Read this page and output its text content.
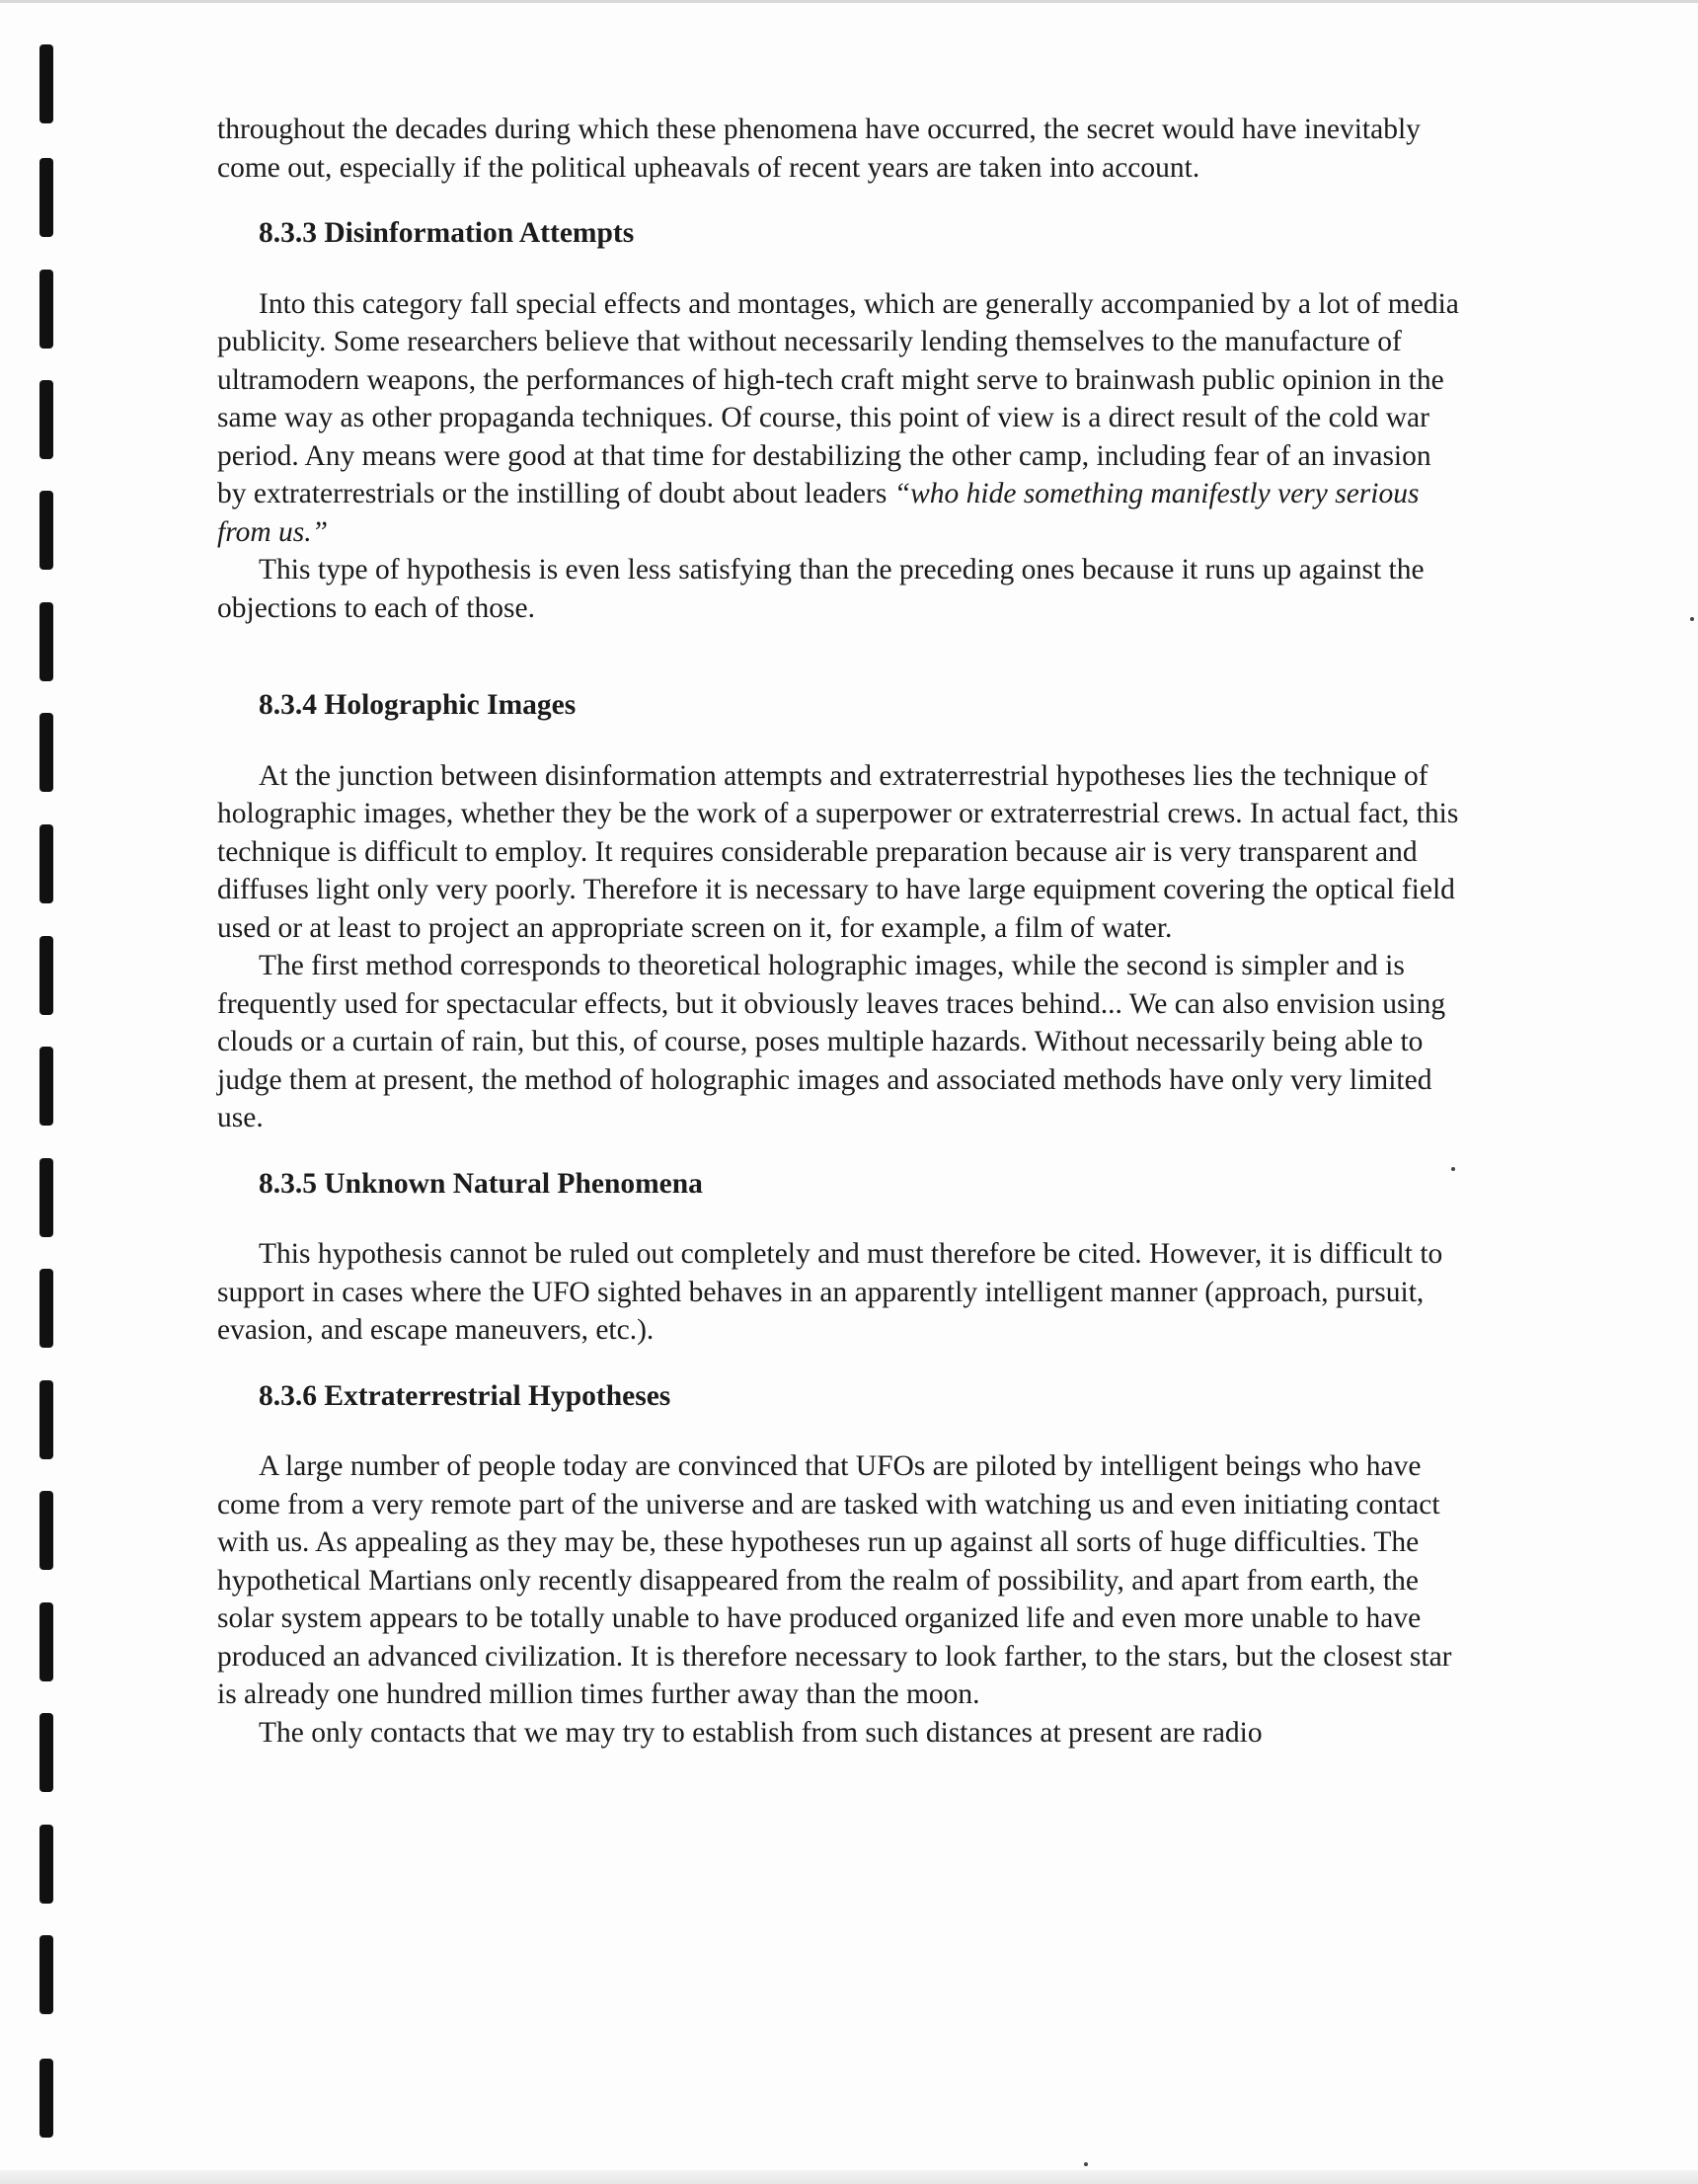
throughout the decades during which these phenomena have occurred, the secret would have inevitably come out, especially if the political upheavals of recent years are taken into account.

8.3.3 Disinformation Attempts

Into this category fall special effects and montages, which are generally accompanied by a lot of media publicity. Some researchers believe that without necessarily lending themselves to the manufacture of ultramodern weapons, the performances of high-tech craft might serve to brainwash public opinion in the same way as other propaganda techniques. Of course, this point of view is a direct result of the cold war period. Any means were good at that time for destabilizing the other camp, including fear of an invasion by extraterrestrials or the instilling of doubt about leaders “who hide something manifestly very serious from us.”

This type of hypothesis is even less satisfying than the preceding ones because it runs up against the objections to each of those.

8.3.4 Holographic Images

At the junction between disinformation attempts and extraterrestrial hypotheses lies the technique of holographic images, whether they be the work of a superpower or extraterrestrial crews. In actual fact, this technique is difficult to employ. It requires considerable preparation because air is very transparent and diffuses light only very poorly. Therefore it is necessary to have large equipment covering the optical field used or at least to project an appropriate screen on it, for example, a film of water.

The first method corresponds to theoretical holographic images, while the second is simpler and is frequently used for spectacular effects, but it obviously leaves traces behind... We can also envision using clouds or a curtain of rain, but this, of course, poses multiple hazards. Without necessarily being able to judge them at present, the method of holographic images and associated methods have only very limited use.

8.3.5 Unknown Natural Phenomena

This hypothesis cannot be ruled out completely and must therefore be cited. However, it is difficult to support in cases where the UFO sighted behaves in an apparently intelligent manner (approach, pursuit, evasion, and escape maneuvers, etc.).

8.3.6 Extraterrestrial Hypotheses

A large number of people today are convinced that UFOs are piloted by intelligent beings who have come from a very remote part of the universe and are tasked with watching us and even initiating contact with us. As appealing as they may be, these hypotheses run up against all sorts of huge difficulties. The hypothetical Martians only recently disappeared from the realm of possibility, and apart from earth, the solar system appears to be totally unable to have produced organized life and even more unable to have produced an advanced civilization. It is therefore necessary to look farther, to the stars, but the closest star is already one hundred million times further away than the moon.

The only contacts that we may try to establish from such distances at present are radio
